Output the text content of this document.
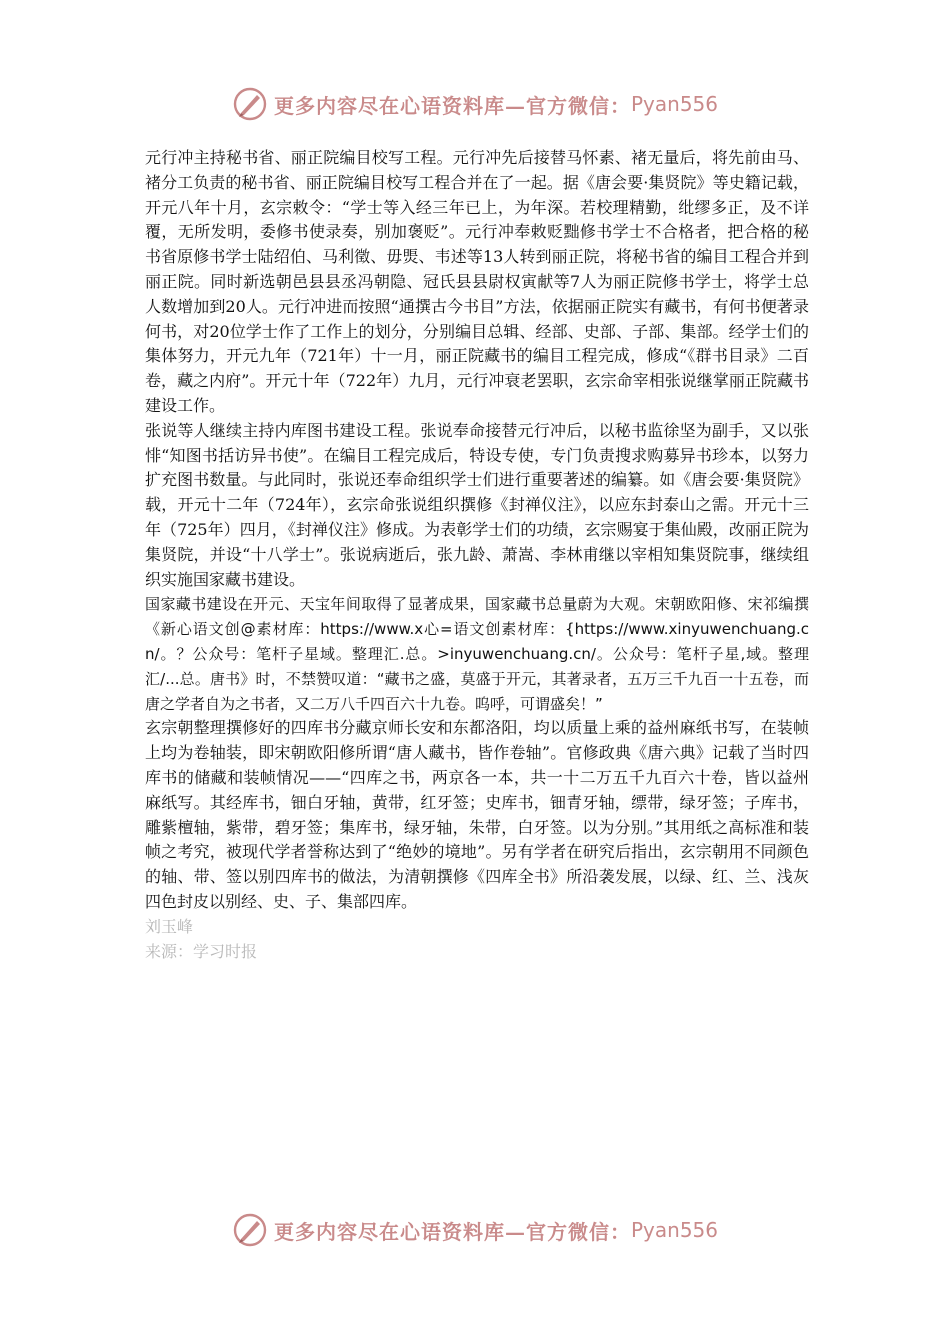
更多内容尽在心语资料库—官方微信： Pyan556

元行冲主持秘书省、丽正院编目校写工程。元行冲先后接替马怀素、褚无量后，将先前由马、褚分工负责的秘书省、丽正院编目校写工程合并在了一起。据《唐会要·集贤院》等史籍记载，开元八年十月，玄宗敕令：“学士等入经三年已上，为年深。若校理精勤，纰缪多正，及不详覆，无所发明，委修书使录奏，别加褒贬”。元行冲奉敕贬黜修书学士不合格者，把合格的秘书省原修书学士陆绍伯、马利徵、毋煚、韦述等13人转到丽正院，将秘书省的编目工程合并到丽正院。同时新选朝邑县县丞冯朝隐、冠氏县县尉权寅献等7人为丽正院修书学士，将学士总人数增加到20人。元行冲进而按照“通撰古今书目”方法，依据丽正院实有藏书，有何书便著录何书，对20位学士作了工作上的划分，分别编目总辑、经部、史部、子部、集部。经学士们的集体努力，开元九年（721年）十一月，丽正院藏书的编目工程完成，修成“《群书目录》二百卷，藏之内府”。开元十年（722年）九月，元行冲衰老罢职，玄宗命宰相张说继掌丽正院藏书建设工作。

张说等人继续主持内库图书建设工程。张说奉命接替元行冲后，以秘书监徐坚为副手，又以张悱“知图书括访异书使”。在编目工程完成后，特设专使，专门负责搜求购募异书珍本，以努力扩充图书数量。与此同时，张说还奉命组织学士们进行重要著述的编纂。如《唐会要·集贤院》载，开元十二年（724年），玄宗命张说组织撰修《封禅仪注》，以应东封泰山之需。开元十三年（725年）四月，《封禅仪注》修成。为表彰学士们的功绩，玄宗赐宴于集仙殿，改丽正院为集贤院，并设“十八学士”。张说病逝后，张九龄、萧嵩、李林甫继以宰相知集贤院事，继续组织实施国家藏书建设。

国家藏书建设在开元、天宝年间取得了显著成果，国家藏书总量蔚为大观。宋朝欧阳修、宋祁编撰《新心语文创@素材库：https://www.x心=语文创素材库：{https://www.xinyuwenchuang.cn/。？公众号：笔杆子星域。整理汇.总。>inyuwenchuang.cn/。公众号：笔杆子星,域。整理汇/...总。唐书》时，不禁赞叹道：“藏书之盛，莫盛于开元，其著录者，五万三千九百一十五卷，而唐之学者自为之书者，又二万八千四百六十九卷。呜呼，可谓盛矣！”

玄宗朝整理撰修好的四库书分藏京师长安和东都洛阳，均以质量上乘的益州麻纸书写，在装帧上均为卷轴装，即宋朝欧阳修所谓“唐人藏书，皆作卷轴”。官修政典《唐六典》记载了当时四库书的储藏和装帧情况——“四库之书，两京各一本，共一十二万五千九百六十卷，皆以益州麻纸写。其经库书，钿白牙轴，黄带，红牙签；史库书，钿青牙轴，缥带，绿牙签；子库书，雕紫檀轴，紫带，碧牙签；集库书，绿牙轴，朱带，白牙签。以为分别。”其用纸之高标准和装帧之考究，被现代学者誉称达到了“绝妙的境地”。另有学者在研究后指出，玄宗朝用不同颜色的轴、带、签以别四库书的做法，为清朝撰修《四库全书》所沿袭发展，以绿、红、兰、浅灰四色封皮以别经、史、子、集部四库。

刘玉峰

来源：学习时报

更多内容尽在心语资料库—官方微信： Pyan556
